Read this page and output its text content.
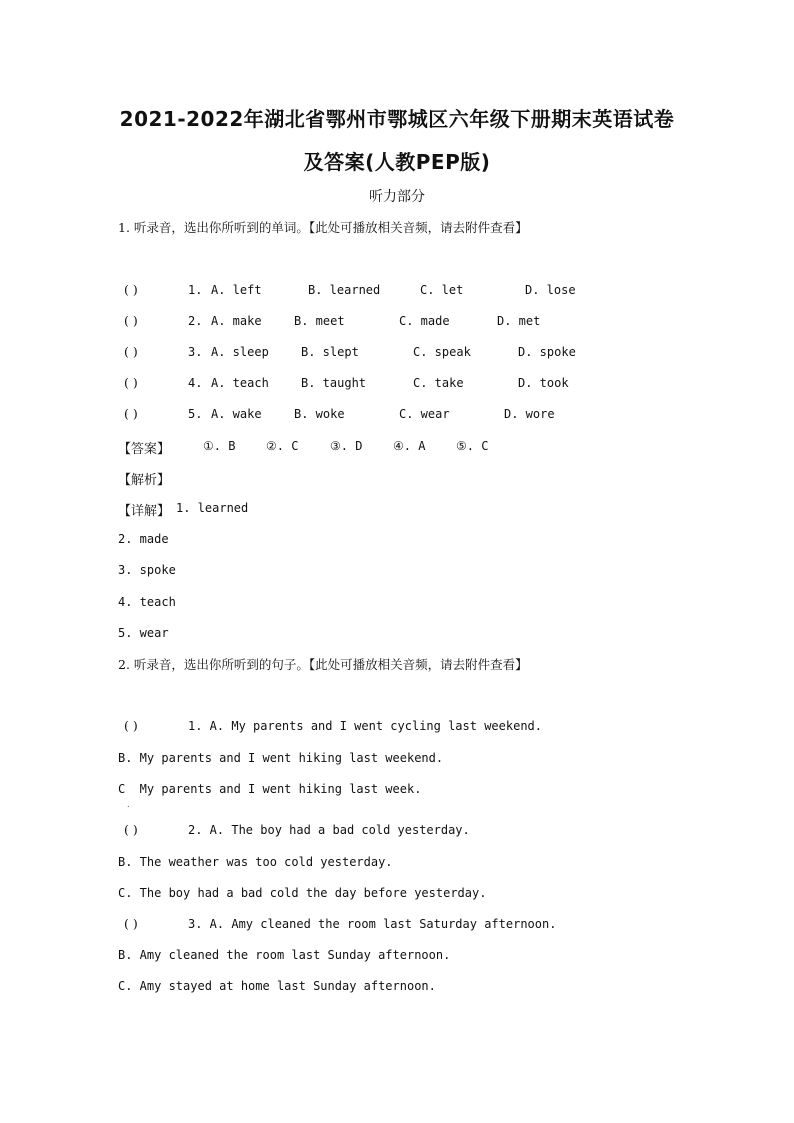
2021-2022年湖北省鄂州市鄂城区六年级下册期末英语试卷
及答案(人教PEP版)
听力部分
1. 听录音，选出你所听到的单词。【此处可播放相关音频，请去附件查看】
( )	1. A. left	B. learned	C. let	D. lose
( )	2. A. make	B. meet	C. made	D. met
( )	3. A. sleep	B. slept	C. speak	D. spoke
( )	4. A. teach	B. taught	C. take	D. took
( )	5. A. wake	B. woke	C. wear	D. wore
【答案】	①. B	②. C	③. D	④. A	⑤. C
【解析】
【详解】 1. learned
2. made
3. spoke
4. teach
5. wear
2. 听录音，选出你所听到的句子。【此处可播放相关音频，请去附件查看】
( )	1. A. My parents and I went cycling last weekend.
B. My parents and I went hiking last weekend.
C  My parents and I went hiking last week.
.
( )	2. A. The boy had a bad cold yesterday.
B. The weather was too cold yesterday.
C. The boy had a bad cold the day before yesterday.
( )	3. A. Amy cleaned the room last Saturday afternoon.
B. Amy cleaned the room last Sunday afternoon.
C. Amy stayed at home last Sunday afternoon.
